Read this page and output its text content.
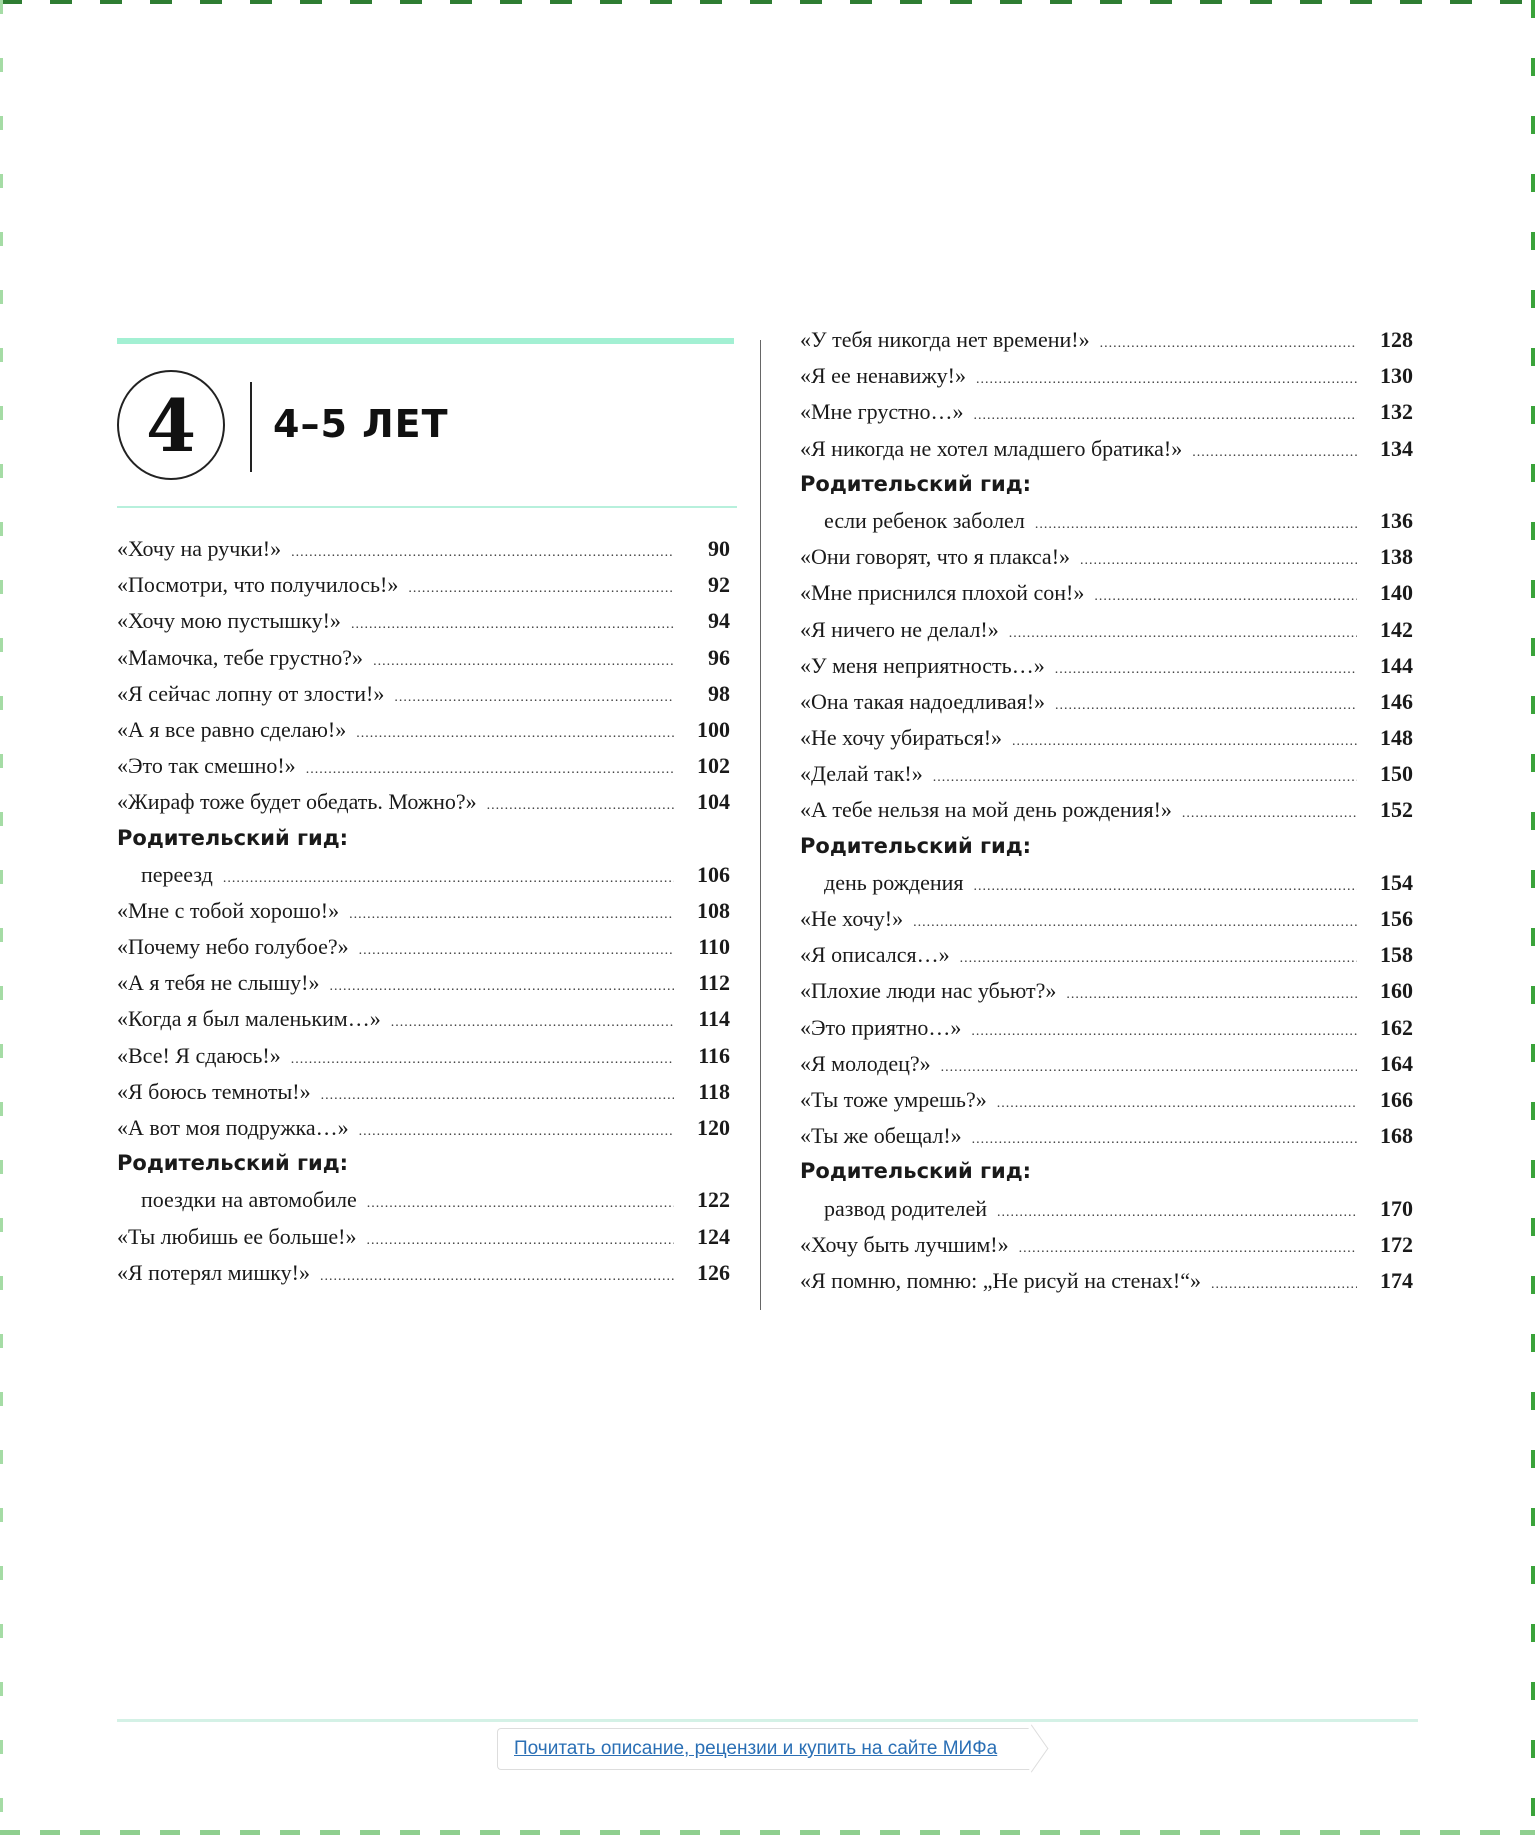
4	4–5 ЛЕТ
«Хочу на ручки!» .....	90
«Посмотри, что получилось!» .....	92
«Хочу мою пустышку!» .....	94
«Мамочка, тебе грустно?» .....	96
«Я сейчас лопну от злости!» .....	98
«А я все равно сделаю!» .....	100
«Это так смешно!» .....	102
«Жираф тоже будет обедать. Можно?» .....	104
Родительский гид:
переезд .....	106
«Мне с тобой хорошо!» .....	108
«Почему небо голубое?» .....	110
«А я тебя не слышу!» .....	112
«Когда я был маленьким…» .....	114
«Все! Я сдаюсь!» .....	116
«Я боюсь темноты!» .....	118
«А вот моя подружка…» .....	120
Родительский гид:
поездки на автомобиле .....	122
«Ты любишь ее больше!» .....	124
«Я потерял мишку!» .....	126
«У тебя никогда нет времени!» .....	128
«Я ее ненавижу!» .....	130
«Мне грустно…» .....	132
«Я никогда не хотел младшего братика!» .....	134
Родительский гид:
если ребенок заболел .....	136
«Они говорят, что я плакса!» .....	138
«Мне приснился плохой сон!» .....	140
«Я ничего не делал!» .....	142
«У меня неприятность…» .....	144
«Она такая надоедливая!» .....	146
«Не хочу убираться!» .....	148
«Делай так!» .....	150
«А тебе нельзя на мой день рождения!» .....	152
Родительский гид:
день рождения .....	154
«Не хочу!» .....	156
«Я описался…» .....	158
«Плохие люди нас убьют?» .....	160
«Это приятно…» .....	162
«Я молодец?» .....	164
«Ты тоже умрешь?» .....	166
«Ты же обещал!» .....	168
Родительский гид:
развод родителей .....	170
«Хочу быть лучшим!» .....	172
«Я помню, помню: „Не рисуй на стенах!“» .....	174
Почитать описание, рецензии и купить на сайте МИФа
